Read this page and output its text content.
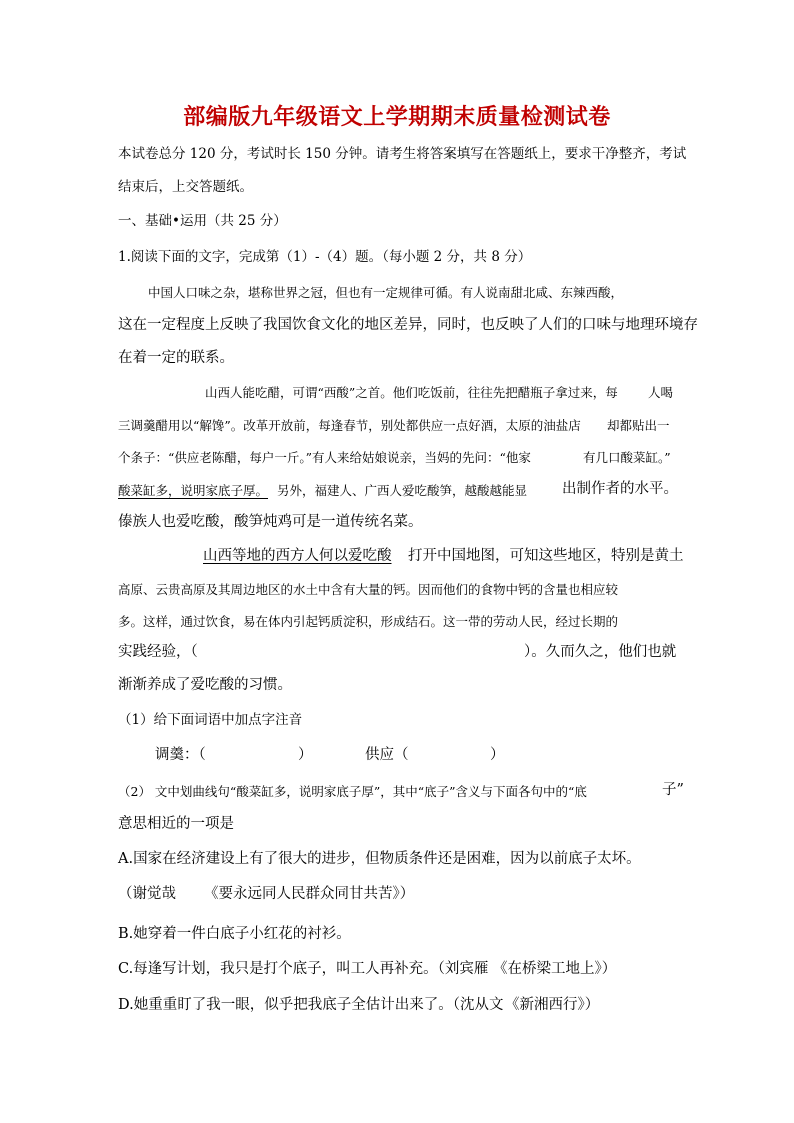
部编版九年级语文上学期期末质量检测试卷
本试卷总分 120 分，考试时长 150 分钟。请考生将答案填写在答题纸上，要求干净整齐，考试
结束后，上交答题纸。
一、基础•运用（共 25 分）
1.阅读下面的文字，完成第（1）-（4）题。（每小题 2 分，共 8 分）
中国人口味之杂，堪称世界之冠，但也有一定规律可循。有人说南甜北咸、东辣西酸，
这在一定程度上反映了我国饮食文化的地区差异，同时，也反映了人们的口味与地理环境存
在着一定的联系。
山西人能吃醋，可谓“西酸”之首。他们吃饭前，往往先把醋瓶子拿过来，每 人喝
三调羹醋用以“解馋”。改革开放前，每逢春节，别处都供应一点好酒，太原的油盐店 却都贴出一
个条子：“供应老陈醋，每户一斤。”有人来给姑娘说亲，当妈的先问：“他家	有几口酸菜缸。”
酸菜缸多，说明家底子厚。 另外，福建人、广西人爱吃酸笋，越酸越能显 出制作者的水平。
傣族人也爱吃酸，酸笋炖鸡可是一道传统名菜。
山西等地的西方人何以爱吃酸 打开中国地图，可知这些地区，特别是黄土
高原、云贵高原及其周边地区的水土中含有大量的钙。因而他们的食物中钙的含量也相应较
多。这样，通过饮食，易在体内引起钙质淀积，形成结石。这一带的劳动人民，经过长期的
实践经验，（	）。久而久之，他们也就
渐渐养成了爱吃酸的习惯。
（1）给下面词语中加点字注音
调羹：（	）	供应（	）
（2） 文中划曲线句“酸菜缸多，说明家底子厚”，其中“底子”含义与下面各句中的“底	子”
意思相近的一项是
A.国家在经济建设上有了很大的进步，但物质条件还是困难，因为以前底子太坏。
（谢觉哉 《要永远同人民群众同甘共苦》）
B.她穿着一件白底子小红花的衬衫。
C.每逢写计划，我只是打个底子，叫工人再补充。（刘宾雁 《在桥梁工地上》）
D.她重重盯了我一眼，似乎把我底子全估计出来了。（沈从文 《新湘西行》）
